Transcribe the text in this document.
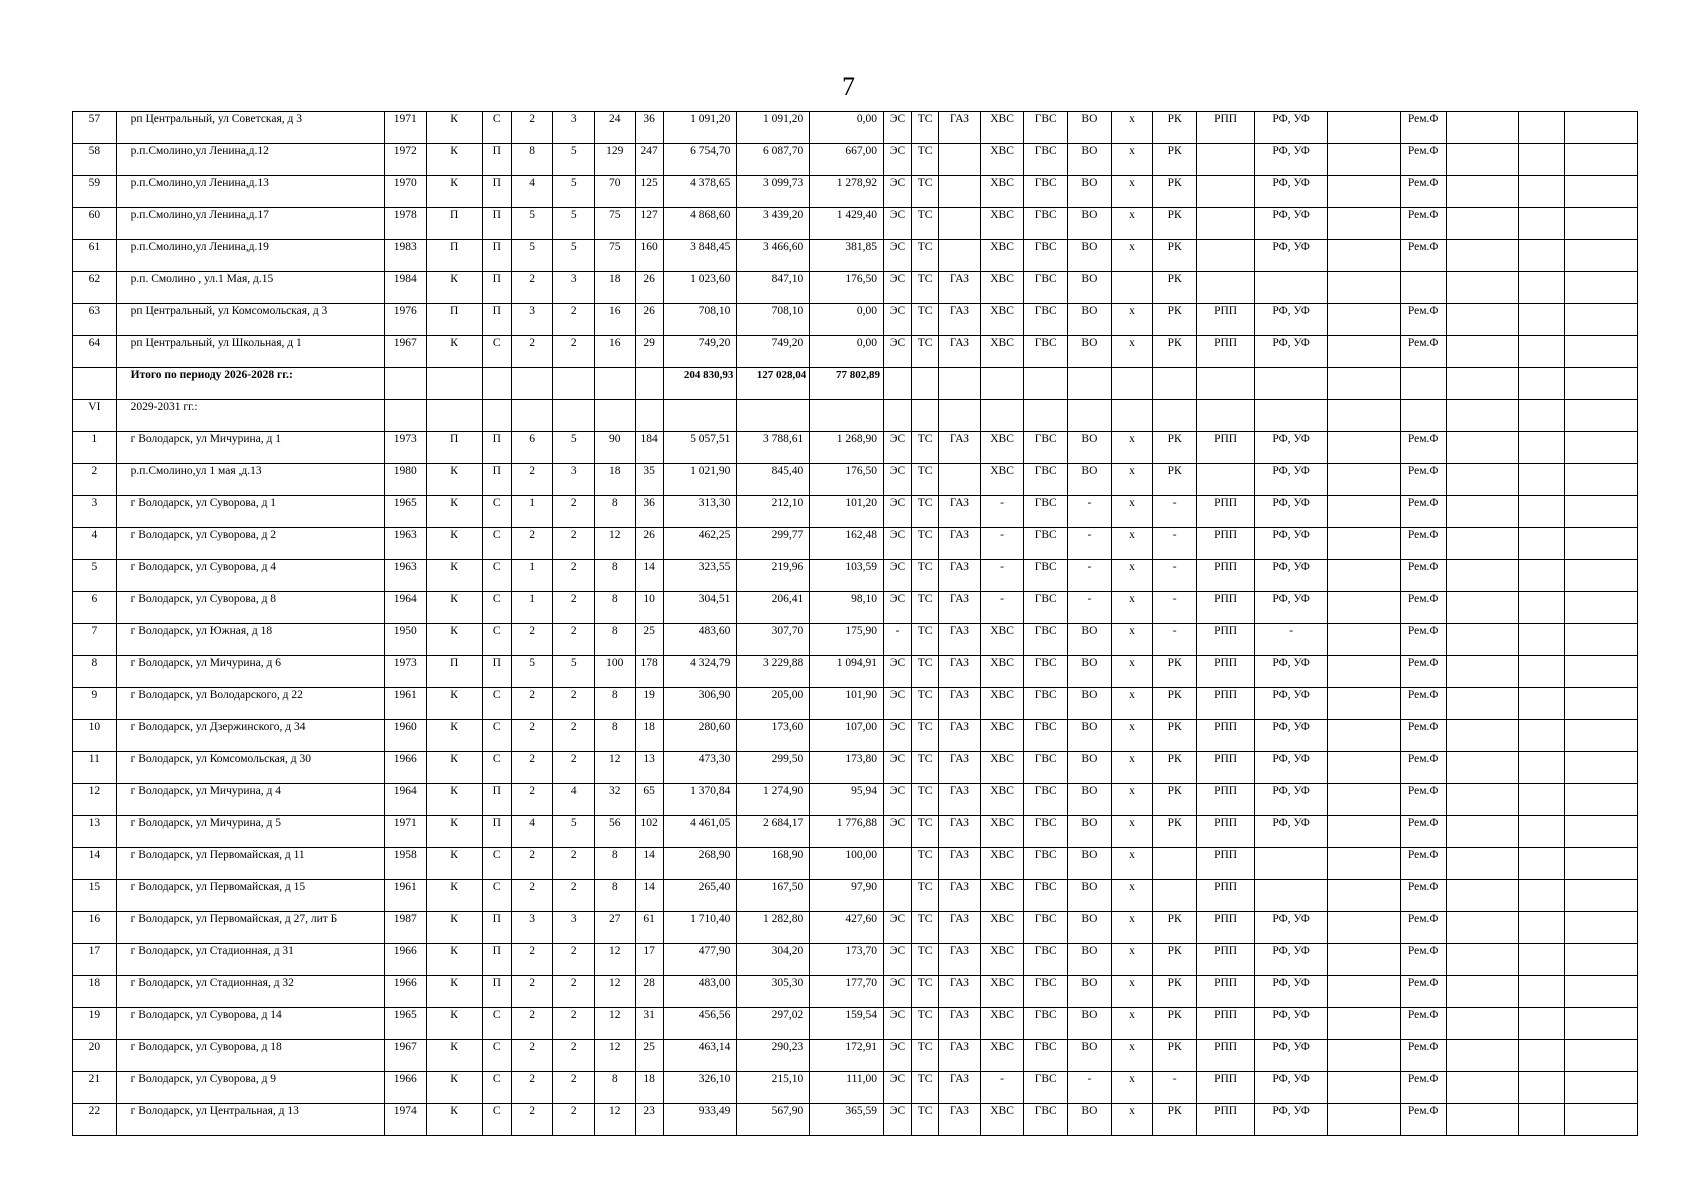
7
57	рп Центральный, ул Советская, д 3	1971	К	С	2	3	24	36	1 091,20	1 091,20	0,00	ЭС	ТС	ГАЗ	ХВС	ГВС	ВО	х	РК	РПП	РФ, УФ		Рем.Ф			
58	р.п.Смолино,ул Ленина,д.12	1972	К	П	8	5	129	247	6 754,70	6 087,70	667,00	ЭС	ТС		ХВС	ГВС	ВО	х	РК		РФ, УФ		Рем.Ф			
59	р.п.Смолино,ул Ленина,д.13	1970	К	П	4	5	70	125	4 378,65	3 099,73	1 278,92	ЭС	ТС		ХВС	ГВС	ВО	х	РК		РФ, УФ		Рем.Ф			
60	р.п.Смолино,ул Ленина,д.17	1978	П	П	5	5	75	127	4 868,60	3 439,20	1 429,40	ЭС	ТС		ХВС	ГВС	ВО	х	РК		РФ, УФ		Рем.Ф			
61	р.п.Смолино,ул Ленина,д.19	1983	П	П	5	5	75	160	3 848,45	3 466,60	381,85	ЭС	ТС		ХВС	ГВС	ВО	х	РК		РФ, УФ		Рем.Ф			
62	р.п. Смолино , ул.1 Мая, д.15	1984	К	П	2	3	18	26	1 023,60	847,10	176,50	ЭС	ТС	ГАЗ	ХВС	ГВС	ВО		РК							
63	рп Центральный, ул Комсомольская, д 3	1976	П	П	3	2	16	26	708,10	708,10	0,00	ЭС	ТС	ГАЗ	ХВС	ГВС	ВО	х	РК	РПП	РФ, УФ		Рем.Ф			
64	рп Центральный, ул Школьная, д 1	1967	К	С	2	2	16	29	749,20	749,20	0,00	ЭС	ТС	ГАЗ	ХВС	ГВС	ВО	х	РК	РПП	РФ, УФ		Рем.Ф			
	Итого по периоду 2026-2028 гг.:								204 830,93	127 028,04	77 802,89															
VI	2029-2031 гг.:																									
1	г Володарск, ул Мичурина, д 1	1973	П	П	6	5	90	184	5 057,51	3 788,61	1 268,90	ЭС	ТС	ГАЗ	ХВС	ГВС	ВО	х	РК	РПП	РФ, УФ		Рем.Ф			
2	р.п.Смолино,ул 1 мая ,д.13	1980	К	П	2	3	18	35	1 021,90	845,40	176,50	ЭС	ТС		ХВС	ГВС	ВО	х	РК		РФ, УФ		Рем.Ф			
3	г Володарск, ул Суворова, д 1	1965	К	С	1	2	8	36	313,30	212,10	101,20	ЭС	ТС	ГАЗ	-	ГВС	-	х	-	РПП	РФ, УФ		Рем.Ф			
4	г Володарск, ул Суворова, д 2	1963	К	С	2	2	12	26	462,25	299,77	162,48	ЭС	ТС	ГАЗ	-	ГВС	-	х	-	РПП	РФ, УФ		Рем.Ф			
5	г Володарск, ул Суворова, д 4	1963	К	С	1	2	8	14	323,55	219,96	103,59	ЭС	ТС	ГАЗ	-	ГВС	-	х	-	РПП	РФ, УФ		Рем.Ф			
6	г Володарск, ул Суворова, д 8	1964	К	С	1	2	8	10	304,51	206,41	98,10	ЭС	ТС	ГАЗ	-	ГВС	-	х	-	РПП	РФ, УФ		Рем.Ф			
7	г Володарск, ул Южная, д 18	1950	К	С	2	2	8	25	483,60	307,70	175,90	-	ТС	ГАЗ	ХВС	ГВС	ВО	х	-	РПП	-		Рем.Ф			
8	г Володарск, ул Мичурина, д 6	1973	П	П	5	5	100	178	4 324,79	3 229,88	1 094,91	ЭС	ТС	ГАЗ	ХВС	ГВС	ВО	х	РК	РПП	РФ, УФ		Рем.Ф			
9	г Володарск, ул Володарского, д 22	1961	К	С	2	2	8	19	306,90	205,00	101,90	ЭС	ТС	ГАЗ	ХВС	ГВС	ВО	х	РК	РПП	РФ, УФ		Рем.Ф			
10	г Володарск, ул Дзержинского, д 34	1960	К	С	2	2	8	18	280,60	173,60	107,00	ЭС	ТС	ГАЗ	ХВС	ГВС	ВО	х	РК	РПП	РФ, УФ		Рем.Ф			
11	г Володарск, ул Комсомольская, д 30	1966	К	С	2	2	12	13	473,30	299,50	173,80	ЭС	ТС	ГАЗ	ХВС	ГВС	ВО	х	РК	РПП	РФ, УФ		Рем.Ф			
12	г Володарск, ул Мичурина, д 4	1964	К	П	2	4	32	65	1 370,84	1 274,90	95,94	ЭС	ТС	ГАЗ	ХВС	ГВС	ВО	х	РК	РПП	РФ, УФ		Рем.Ф			
13	г Володарск, ул Мичурина, д 5	1971	К	П	4	5	56	102	4 461,05	2 684,17	1 776,88	ЭС	ТС	ГАЗ	ХВС	ГВС	ВО	х	РК	РПП	РФ, УФ		Рем.Ф			
14	г Володарск, ул Первомайская, д 11	1958	К	С	2	2	8	14	268,90	168,90	100,00		ТС	ГАЗ	ХВС	ГВС	ВО	х		РПП			Рем.Ф			
15	г Володарск, ул Первомайская, д 15	1961	К	С	2	2	8	14	265,40	167,50	97,90		ТС	ГАЗ	ХВС	ГВС	ВО	х		РПП			Рем.Ф			
16	г Володарск, ул Первомайская, д 27, лит Б	1987	К	П	3	3	27	61	1 710,40	1 282,80	427,60	ЭС	ТС	ГАЗ	ХВС	ГВС	ВО	х	РК	РПП	РФ, УФ		Рем.Ф			
17	г Володарск, ул Стадионная, д 31	1966	К	П	2	2	12	17	477,90	304,20	173,70	ЭС	ТС	ГАЗ	ХВС	ГВС	ВО	х	РК	РПП	РФ, УФ		Рем.Ф			
18	г Володарск, ул Стадионная, д 32	1966	К	П	2	2	12	28	483,00	305,30	177,70	ЭС	ТС	ГАЗ	ХВС	ГВС	ВО	х	РК	РПП	РФ, УФ		Рем.Ф			
19	г Володарск, ул Суворова, д 14	1965	К	С	2	2	12	31	456,56	297,02	159,54	ЭС	ТС	ГАЗ	ХВС	ГВС	ВО	х	РК	РПП	РФ, УФ		Рем.Ф			
20	г Володарск, ул Суворова, д 18	1967	К	С	2	2	12	25	463,14	290,23	172,91	ЭС	ТС	ГАЗ	ХВС	ГВС	ВО	х	РК	РПП	РФ, УФ		Рем.Ф			
21	г Володарск, ул Суворова, д 9	1966	К	С	2	2	8	18	326,10	215,10	111,00	ЭС	ТС	ГАЗ	-	ГВС	-	х	-	РПП	РФ, УФ		Рем.Ф			
22	г Володарск, ул Центральная, д 13	1974	К	С	2	2	12	23	933,49	567,90	365,59	ЭС	ТС	ГАЗ	ХВС	ГВС	ВО	х	РК	РПП	РФ, УФ		Рем.Ф			
